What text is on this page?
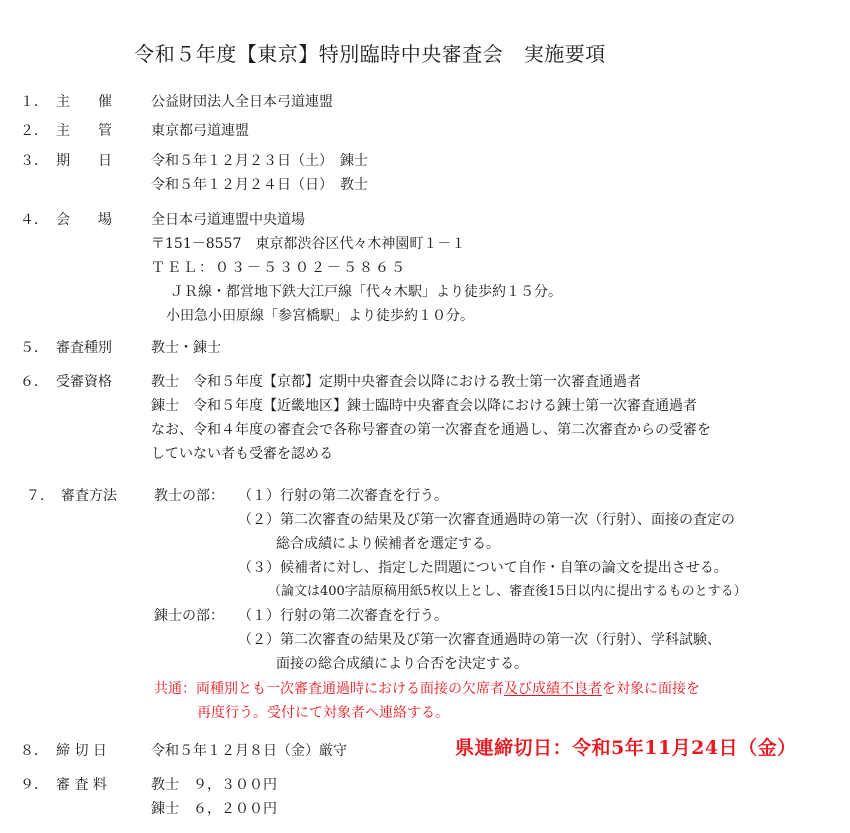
令和５年度【東京】特別臨時中央審査会　実施要項
１． 主　　催	公益財団法人全日本弓道連盟
２． 主　　管	東京都弓道連盟
３． 期　　日	令和５年１２月２３日（土）　錬士
令和５年１２月２４日（日）　教士
４． 会　　場	全日本弓道連盟中央道場
〒151－8557　東京都渋谷区代々木神園町１－１
ＴＥＬ：０３－５３０２－５８６５
ＪＲ線・都営地下鉄大江戸線「代々木駅」より徒歩約１５分。
小田急小田原線「参宮橋駅」より徒歩約１０分。
５． 審査種別	教士・錬士
６． 受審資格	教士　令和５年度【京都】定期中央審査会以降における教士第一次審査通過者
錬士　令和５年度【近畿地区】錬士臨時中央審査会以降における錬士第一次審査通過者
なお、令和４年度の審査会で各称号審査の第一次審査を通過し、第二次審査からの受審を
していない者も受審を認める
７． 審査方法	教士の部： （１）行射の第二次審査を行う。
（２）第二次審査の結果及び第一次審査通過時の第一次（行射）、面接の査定の
総合成績により候補者を選定する。
（３）候補者に対し、指定した問題について自作・自筆の論文を提出させる。
（論文は400字詰原稿用紙5枚以上とし、審査後15日以内に提出するものとする）
錬士の部： （１）行射の第二次審査を行う。
（２）第二次審査の結果及び第一次審査通過時の第一次（行射）、学科試験、
面接の総合成績により合否を決定する。
共通：両種別とも一次審査通過時における面接の欠席者及び成績不良者を対象に面接を
再度行う。受付にて対象者へ連絡する。
８． 締 切 日	令和５年１２月８日（金）厳守	県連締切日：令和5年11月24日（金）
９． 審 査 料	教士　９，３００円
錬士　６，２００円
